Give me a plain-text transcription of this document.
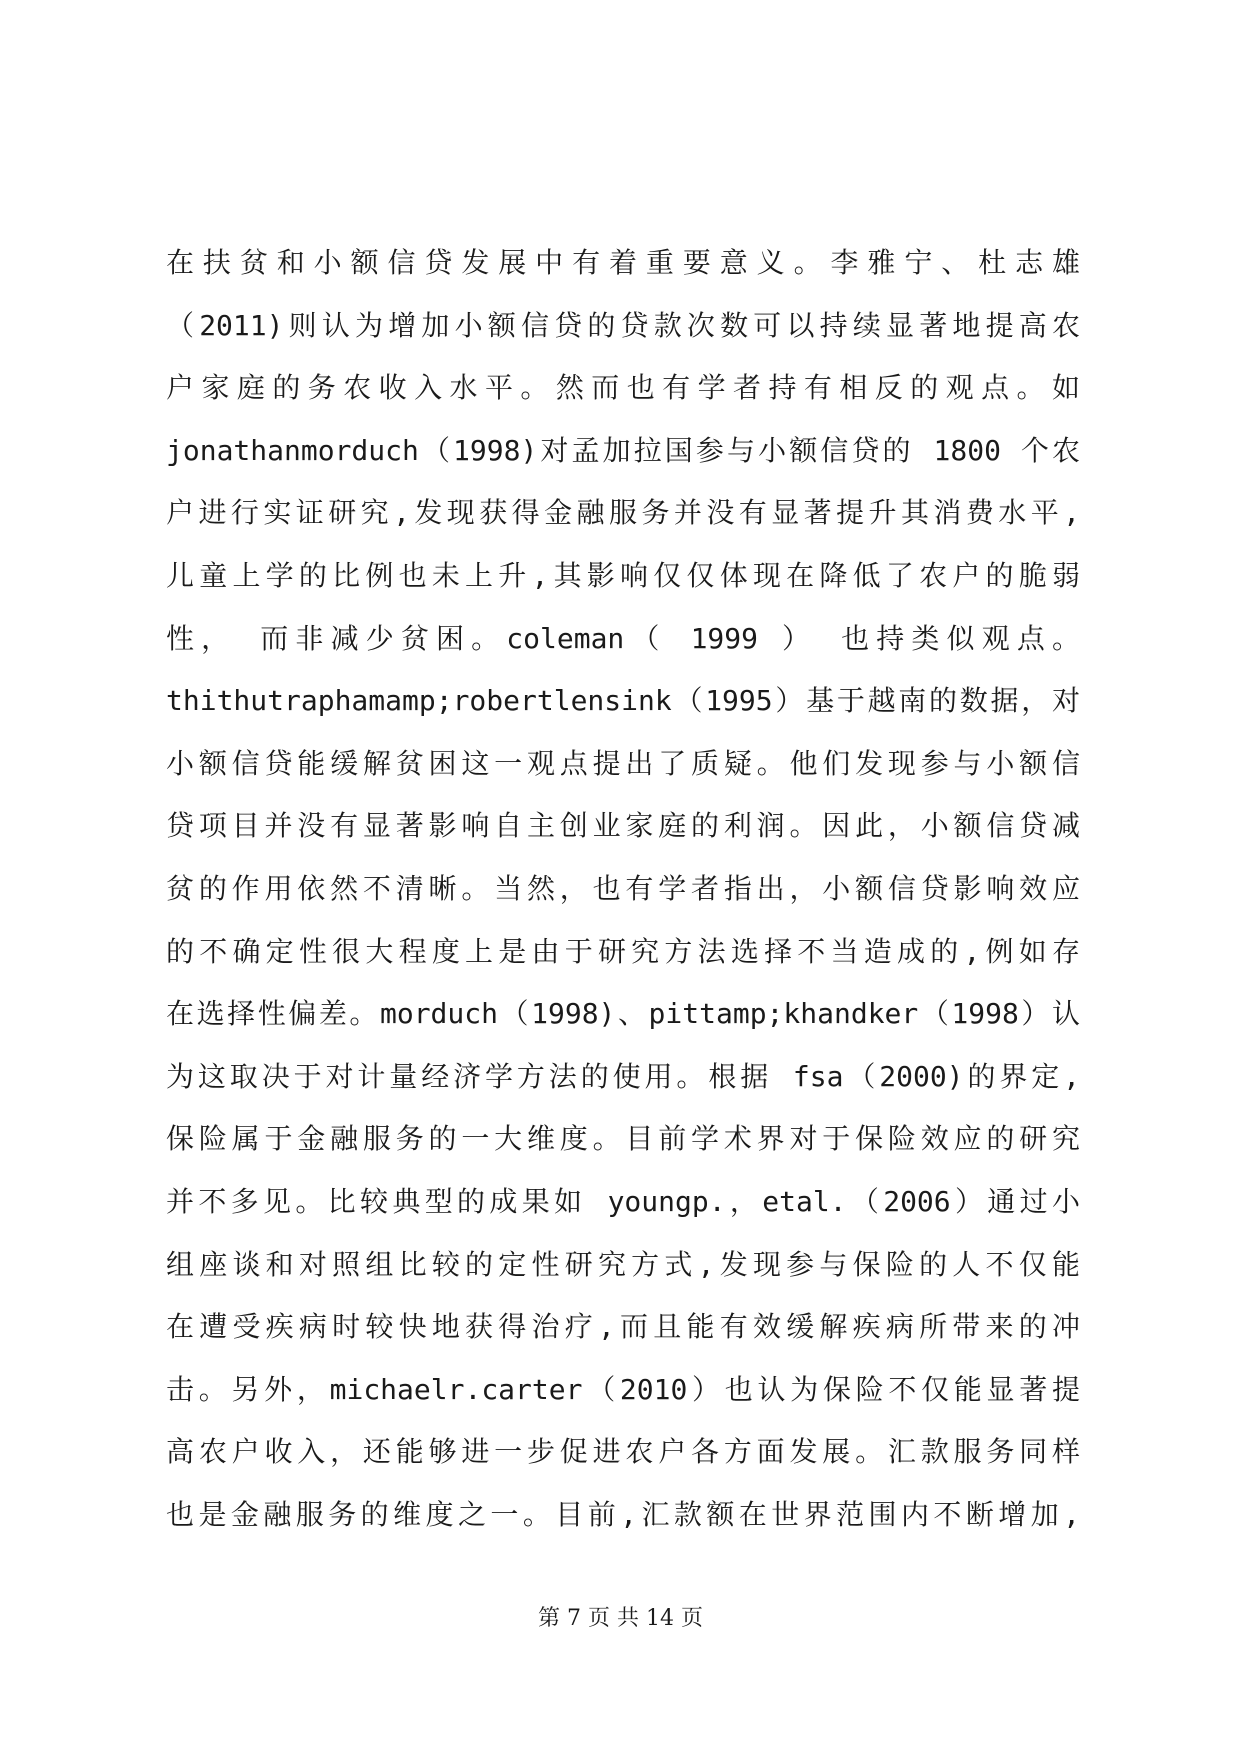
在扶贫和小额信贷发展中有着重要意义。李雅宁、杜志雄
（2011)则认为增加小额信贷的贷款次数可以持续显著地提高农
户家庭的务农收入水平。然而也有学者持有相反的观点。如
jonathanmorduch（1998)对孟加拉国参与小额信贷的 1800 个农
户进行实证研究,发现获得金融服务并没有显著提升其消费水平,
儿童上学的比例也未上升,其影响仅仅体现在降低了农户的脆弱
性， 而非减少贫困。coleman（ 1999 ） 也持类似观点。
thithutraphamamp;robertlensink（1995）基于越南的数据，对
小额信贷能缓解贫困这一观点提出了质疑。他们发现参与小额信
贷项目并没有显著影响自主创业家庭的利润。因此，小额信贷减
贫的作用依然不清晰。当然，也有学者指出，小额信贷影响效应
的不确定性很大程度上是由于研究方法选择不当造成的,例如存
在选择性偏差。morduch（1998)、pittamp;khandker（1998）认
为这取决于对计量经济学方法的使用。根据 fsa（2000)的界定,
保险属于金融服务的一大维度。目前学术界对于保险效应的研究
并不多见。比较典型的成果如 youngp.，etal.（2006）通过小
组座谈和对照组比较的定性研究方式,发现参与保险的人不仅能
在遭受疾病时较快地获得治疗,而且能有效缓解疾病所带来的冲
击。另外，michaelr.carter（2010）也认为保险不仅能显著提
高农户收入，还能够进一步促进农户各方面发展。汇款服务同样
也是金融服务的维度之一。目前,汇款额在世界范围内不断增加,
第 7 页 共 14 页
